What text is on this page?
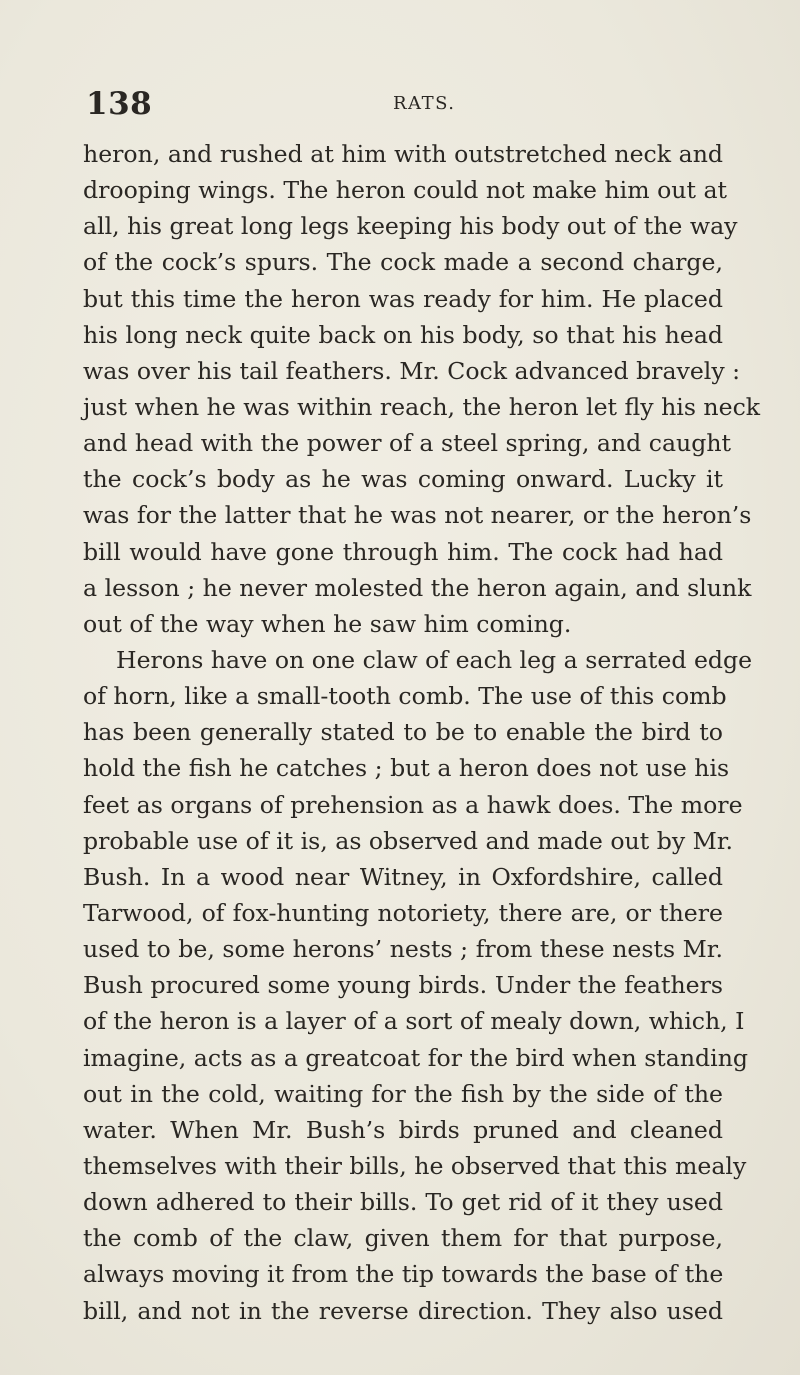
138	RATS.
heron, and rushed at him with outstretched neck and
drooping wings. The heron could not make him out at
all, his great long legs keeping his body out of the way
of the cock’s spurs. The cock made a second charge,
but this time the heron was ready for him. He placed
his long neck quite back on his body, so that his head
was over his tail feathers. Mr. Cock advanced bravely :
just when he was within reach, the heron let fly his neck
and head with the power of a steel spring, and caught
the cock’s body as he was coming onward. Lucky it
was for the latter that he was not nearer, or the heron’s
bill would have gone through him. The cock had had
a lesson ; he never molested the heron again, and slunk
out of the way when he saw him coming.
Herons have on one claw of each leg a serrated edge
of horn, like a small-tooth comb. The use of this comb
has been generally stated to be to enable the bird to
hold the fish he catches ; but a heron does not use his
feet as organs of prehension as a hawk does. The more
probable use of it is, as observed and made out by Mr.
Bush. In a wood near Witney, in Oxfordshire, called
Tarwood, of fox-hunting notoriety, there are, or there
used to be, some herons’ nests ; from these nests Mr.
Bush procured some young birds. Under the feathers
of the heron is a layer of a sort of mealy down, which, I
imagine, acts as a greatcoat for the bird when standing
out in the cold, waiting for the fish by the side of the
water. When Mr. Bush’s birds pruned and cleaned
themselves with their bills, he observed that this mealy
down adhered to their bills. To get rid of it they used
the comb of the claw, given them for that purpose,
always moving it from the tip towards the base of the
bill, and not in the reverse direction. They also used
